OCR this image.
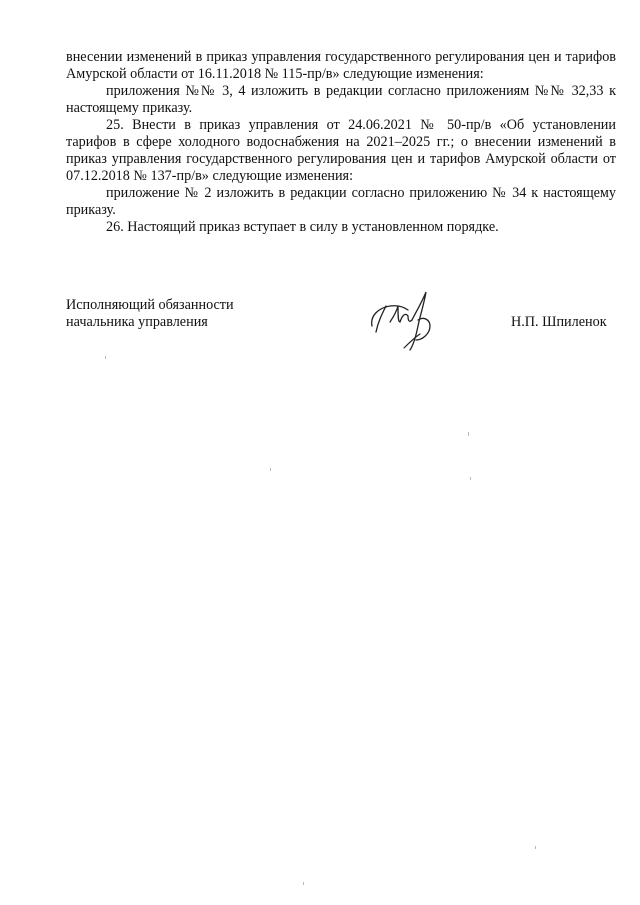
внесении изменений в приказ управления государственного регулирования цен и тарифов Амурской области от 16.11.2018 № 115-пр/в» следующие изменения:

приложения №№ 3, 4 изложить в редакции согласно приложениям №№ 32,33 к настоящему приказу.

25. Внести в приказ управления от 24.06.2021 № 50-пр/в «Об установлении тарифов в сфере холодного водоснабжения на 2021–2025 гг.; о внесении изменений в приказ управления государственного регулирования цен и тарифов Амурской области от 07.12.2018 № 137-пр/в» следующие изменения:

приложение № 2 изложить в редакции согласно приложению № 34 к настоящему приказу.

26. Настоящий приказ вступает в силу в установленном порядке.

Исполняющий обязанности
начальника управления	Н.П. Шпиленок
